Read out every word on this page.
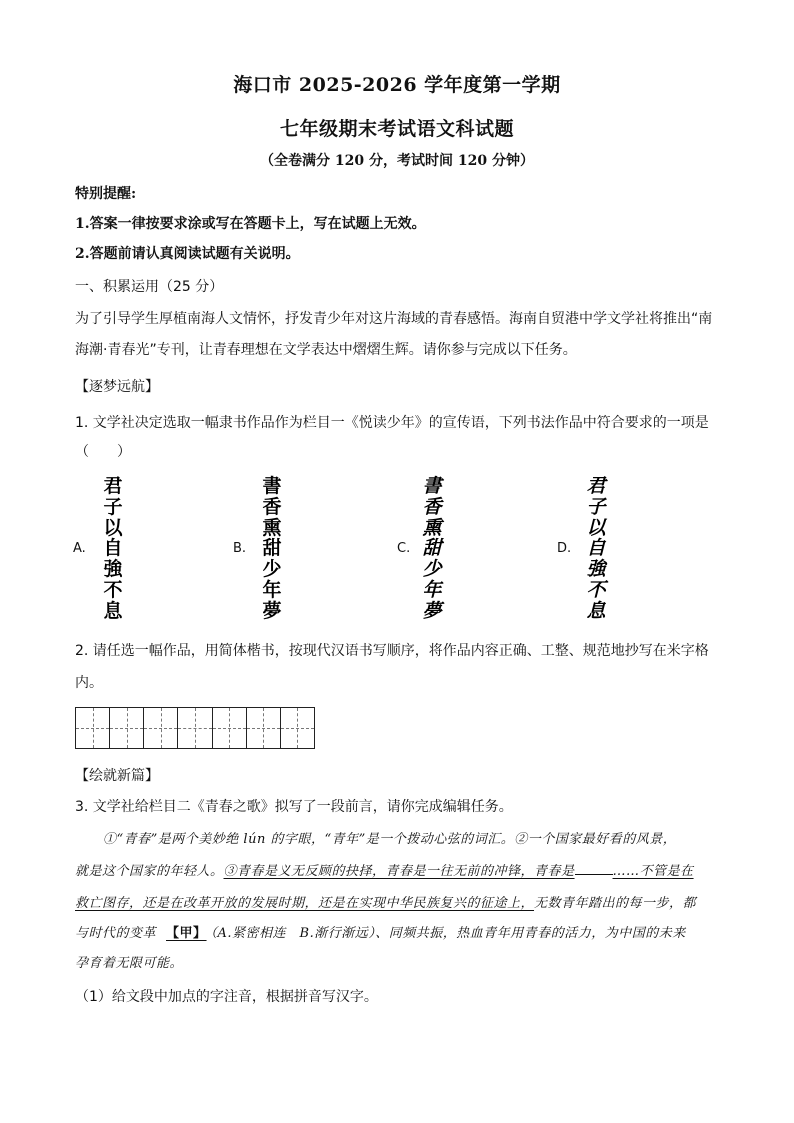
海口市 2025-2026 学年度第一学期
七年级期末考试语文科试题
（全卷满分 120 分，考试时间 120 分钟）
特别提醒:
1.答案一律按要求涂或写在答题卡上，写在试题上无效。
2.答题前请认真阅读试题有关说明。
一、积累运用（25 分）
为了引导学生厚植南海人文情怀，抒发青少年对这片海域的青春感悟。海南自贸港中学文学社将推出“南
海潮·青春光”专刊，让青春理想在文学表达中熠熠生辉。请你参与完成以下任务。
【逐梦远航】
1. 文学社决定选取一幅隶书作品作为栏目一《悦读少年》的宣传语，下列书法作品中符合要求的一项是
（　　）
A.
君
子
以
自
強
不
息
B.
書
香
熏
甜
少
年
夢
C.
書
香
熏
甜
少
年
夢
D.
君
子
以
自
強
不
息
2. 请任选一幅作品，用简体楷书，按现代汉语书写顺序，将作品内容正确、工整、规范地抄写在米字格
内。
【绘就新篇】
3. 文学社给栏目二《青春之歌》拟写了一段前言，请你完成编辑任务。
①“青春”是两个美妙绝 lún 的字眼，“青年”是一个拨动心弦的词汇。②一个国家最好看的风景，
就是这个国家的年轻人。③青春是义无反顾的抉择，青春是一往无前的冲锋，青春是	……不管是在
救亡图存，还是在改革开放的发展时期，还是在实现中华民族复兴的征途上，无数青年踏出的每一步，都
与时代的变革 【甲】 （A.紧密相连　B.渐行渐远）、同频共振，热血青年用青春的活力，为中国的未来
孕育着无限可能。
（1）给文段中加点的字注音，根据拼音写汉字。
